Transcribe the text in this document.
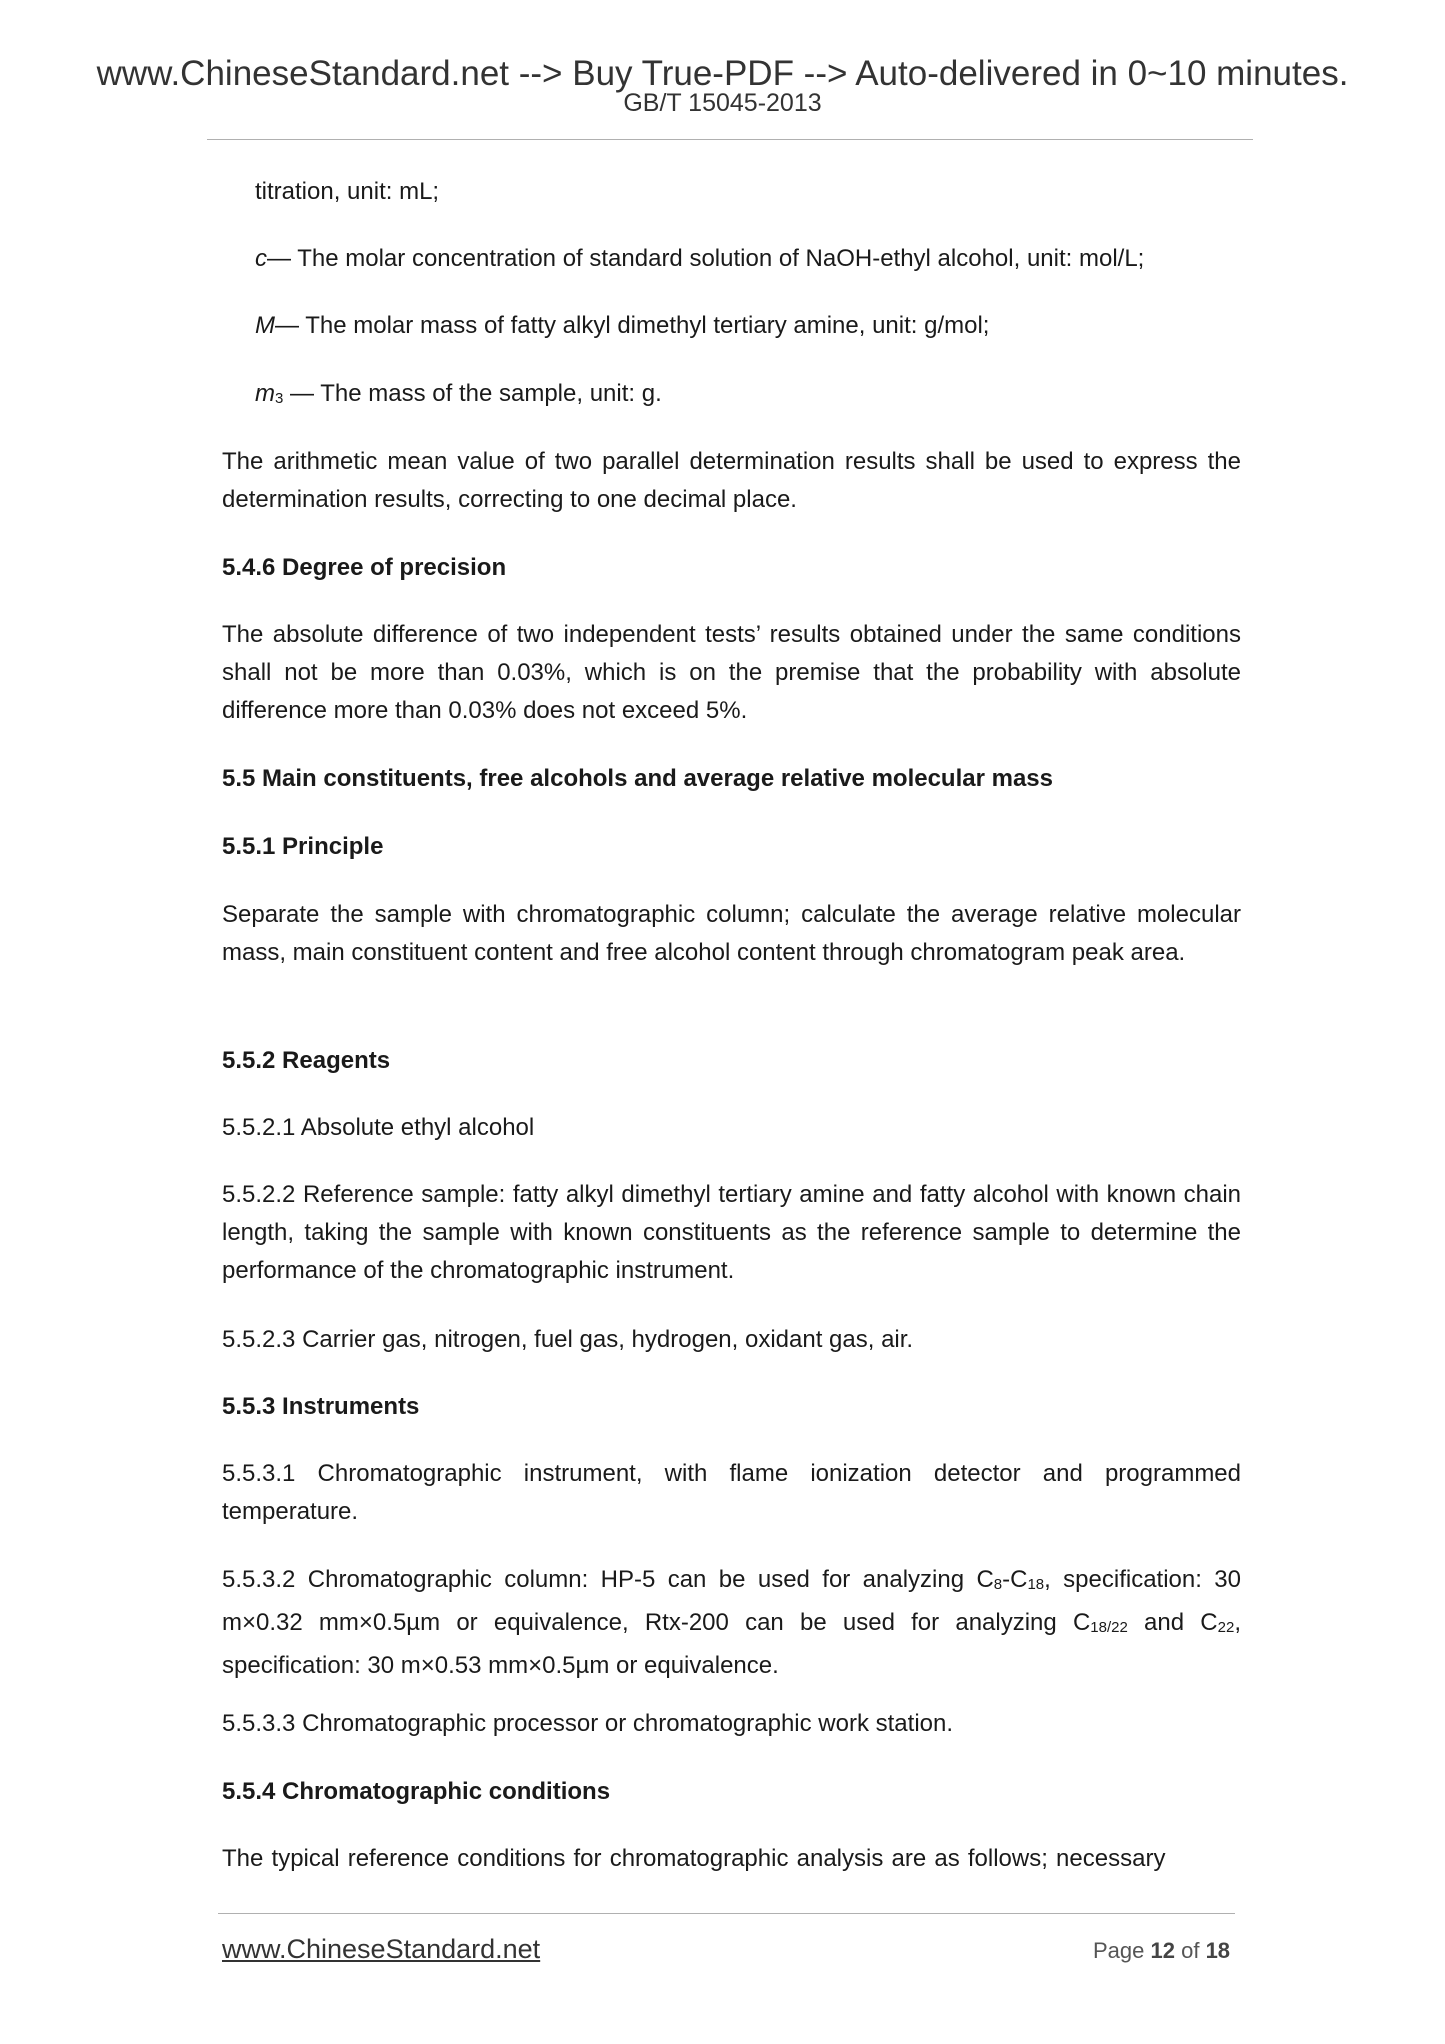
www.ChineseStandard.net --> Buy True-PDF --> Auto-delivered in 0~10 minutes.
GB/T 15045-2013

titration, unit: mL;

c— The molar concentration of standard solution of NaOH-ethyl alcohol, unit: mol/L;

M— The molar mass of fatty alkyl dimethyl tertiary amine, unit: g/mol;

m3 — The mass of the sample, unit: g.

The arithmetic mean value of two parallel determination results shall be used to express the determination results, correcting to one decimal place.

5.4.6 Degree of precision

The absolute difference of two independent tests’ results obtained under the same conditions shall not be more than 0.03%, which is on the premise that the probability with absolute difference more than 0.03% does not exceed 5%.

5.5 Main constituents, free alcohols and average relative molecular mass

5.5.1 Principle

Separate the sample with chromatographic column; calculate the average relative molecular mass, main constituent content and free alcohol content through chromatogram peak area.

5.5.2 Reagents

5.5.2.1 Absolute ethyl alcohol

5.5.2.2 Reference sample: fatty alkyl dimethyl tertiary amine and fatty alcohol with known chain length, taking the sample with known constituents as the reference sample to determine the performance of the chromatographic instrument.

5.5.2.3 Carrier gas, nitrogen, fuel gas, hydrogen, oxidant gas, air.

5.5.3 Instruments

5.5.3.1 Chromatographic instrument, with flame ionization detector and programmed temperature.

5.5.3.2 Chromatographic column: HP-5 can be used for analyzing C8-C18, specification: 30 m×0.32 mm×0.5µm or equivalence, Rtx-200 can be used for analyzing C18/22 and C22, specification: 30 m×0.53 mm×0.5µm or equivalence.

5.5.3.3 Chromatographic processor or chromatographic work station.

5.5.4 Chromatographic conditions

The typical reference conditions for chromatographic analysis are as follows; necessary

www.ChineseStandard.net	Page 12 of 18
